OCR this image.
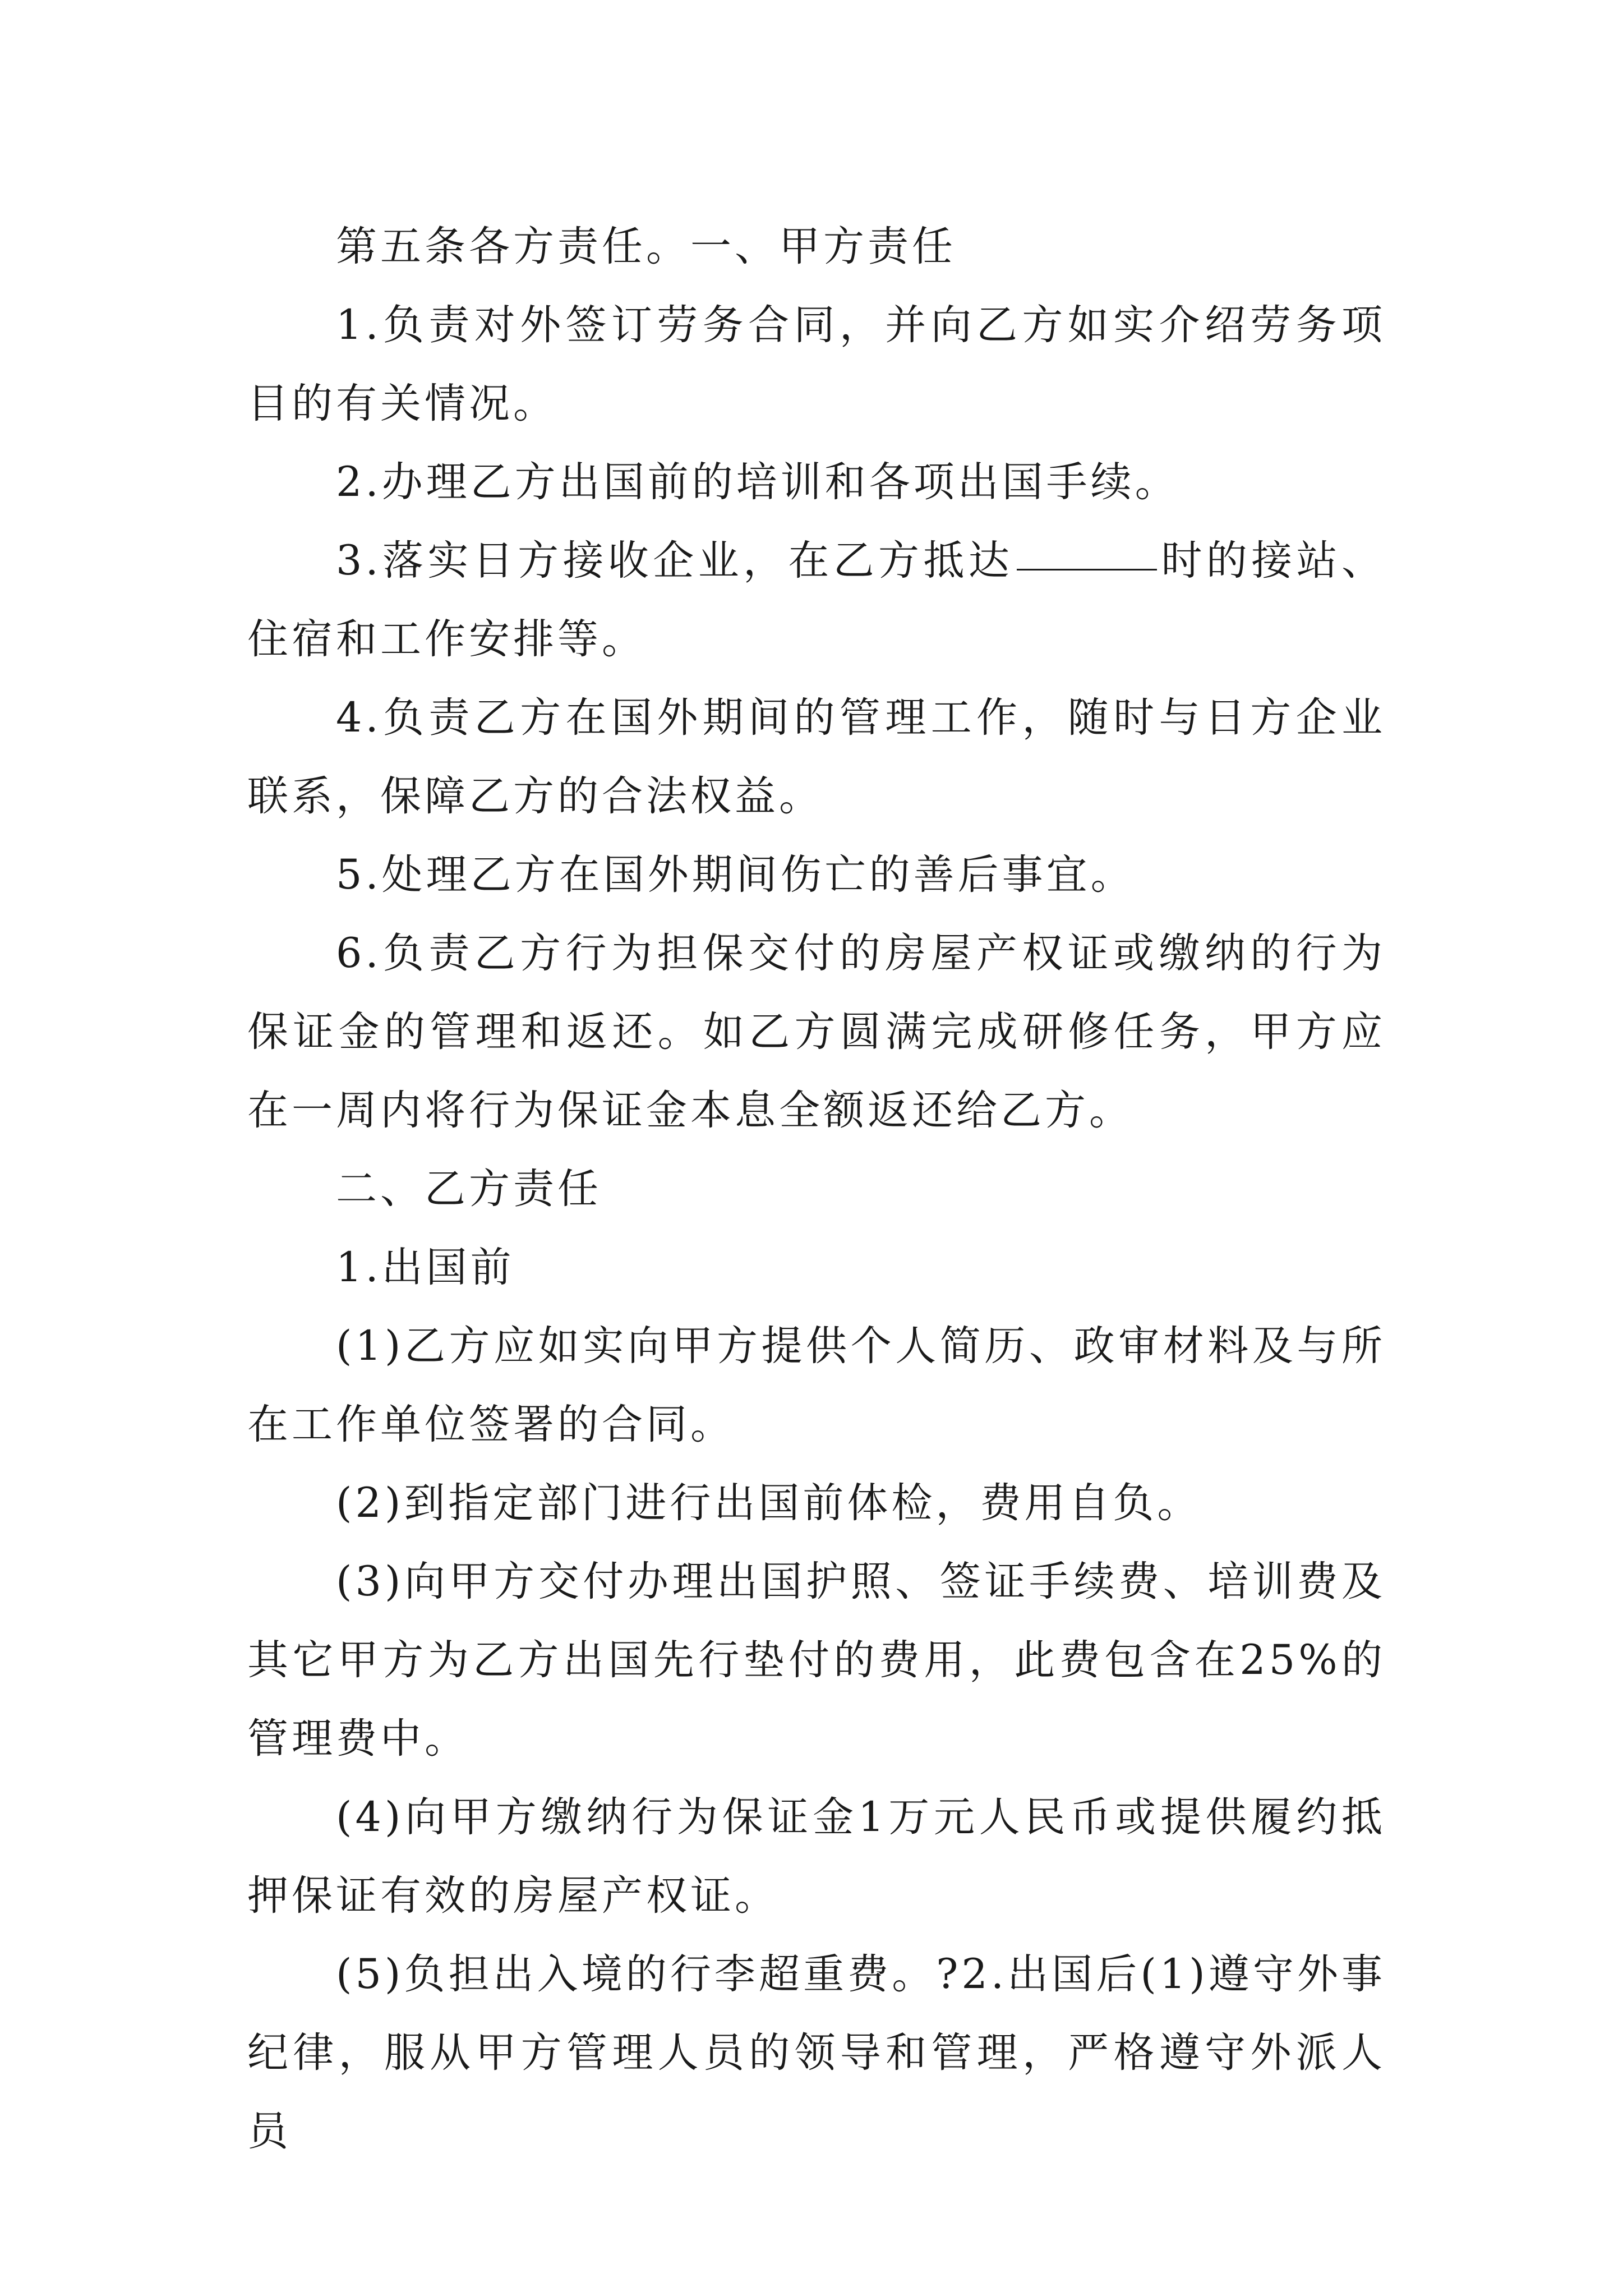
第五条各方责任。一、甲方责任

1.负责对外签订劳务合同，并向乙方如实介绍劳务项目的有关情况。

2.办理乙方出国前的培训和各项出国手续。

3.落实日方接收企业，在乙方抵达	时的接站、住宿和工作安排等。

4.负责乙方在国外期间的管理工作，随时与日方企业联系，保障乙方的合法权益。

5.处理乙方在国外期间伤亡的善后事宜。

6.负责乙方行为担保交付的房屋产权证或缴纳的行为保证金的管理和返还。如乙方圆满完成研修任务，甲方应在一周内将行为保证金本息全额返还给乙方。

二、乙方责任

1.出国前

(1)乙方应如实向甲方提供个人简历、政审材料及与所在工作单位签署的合同。

(2)到指定部门进行出国前体检，费用自负。

(3)向甲方交付办理出国护照、签证手续费、培训费及其它甲方为乙方出国先行垫付的费用，此费包含在25%的管理费中。

(4)向甲方缴纳行为保证金1万元人民币或提供履约抵押保证有效的房屋产权证。

(5)负担出入境的行李超重费。?2.出国后(1)遵守外事纪律，服从甲方管理人员的领导和管理，严格遵守外派人员
